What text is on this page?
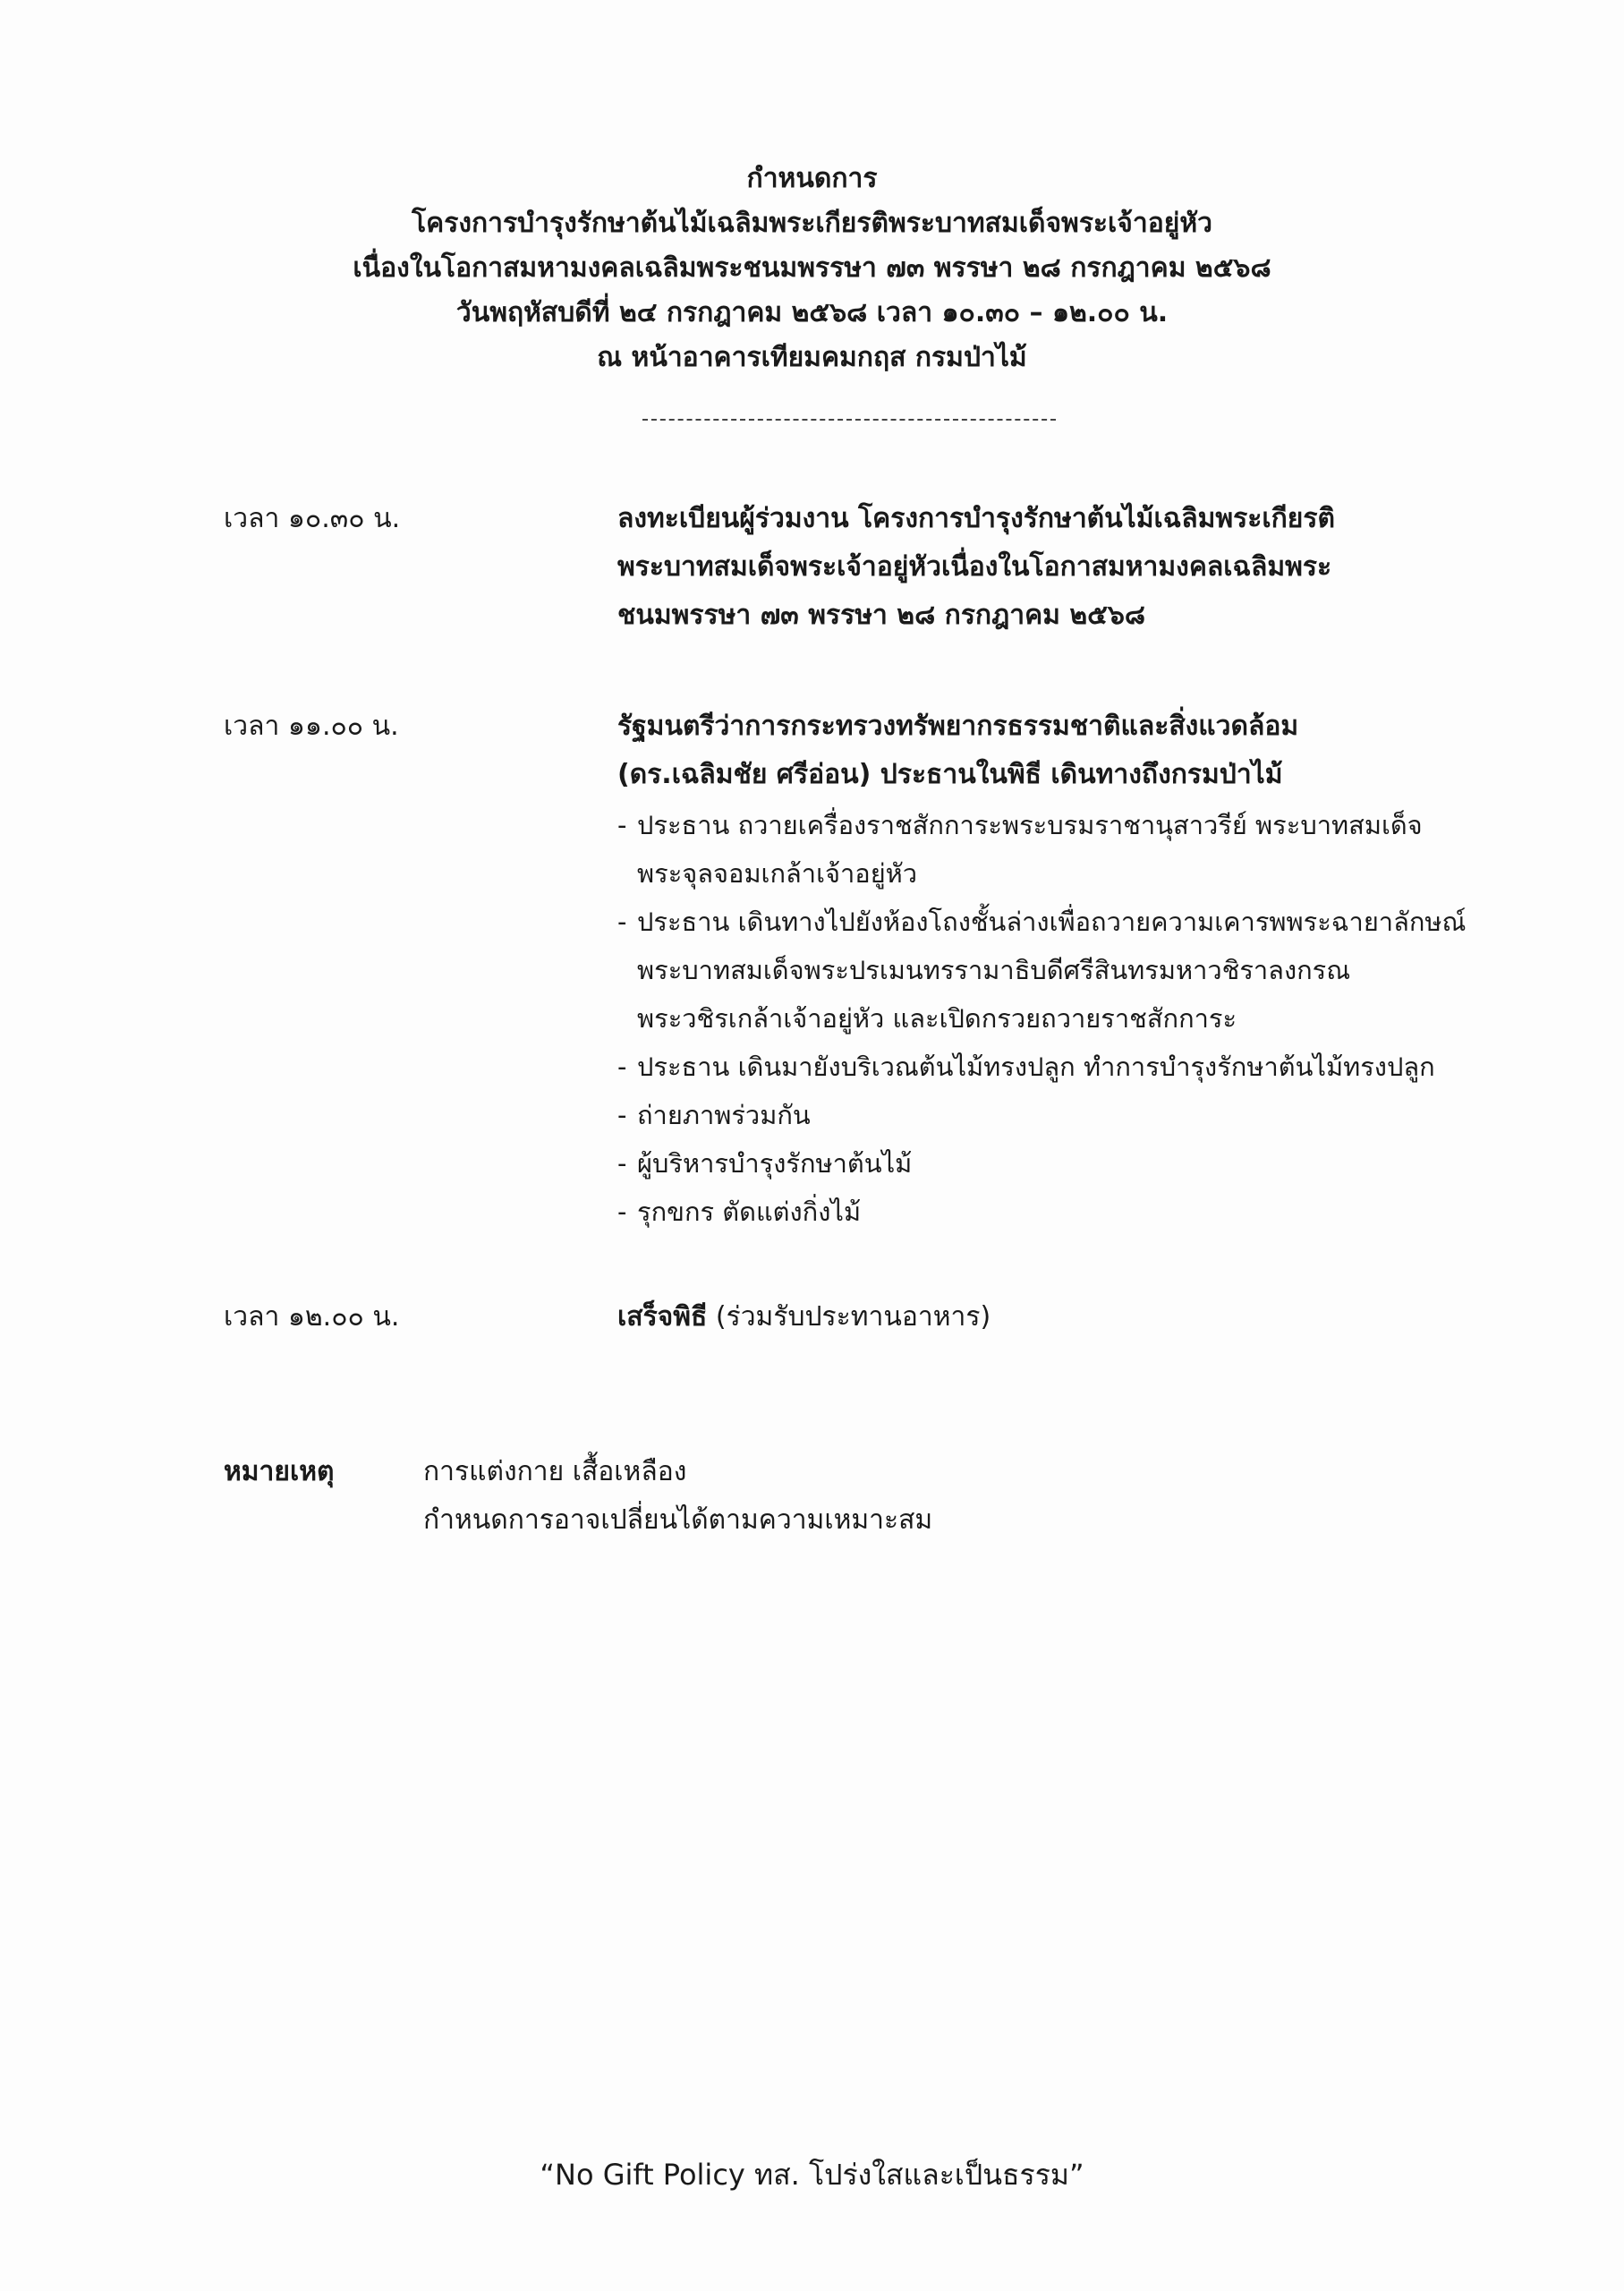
กำหนดการ
โครงการบำรุงรักษาต้นไม้เฉลิมพระเกียรติพระบาทสมเด็จพระเจ้าอยู่หัว
เนื่องในโอกาสมหามงคลเฉลิมพระชนมพรรษา ๗๓ พรรษา ๒๘ กรกฎาคม ๒๕๖๘
วันพฤหัสบดีที่ ๒๔ กรกฎาคม ๒๕๖๘ เวลา ๑๐.๓๐ – ๑๒.๐๐ น.
ณ หน้าอาคารเทียมคมกฤส กรมป่าไม้
เวลา ๑๐.๓๐ น.	ลงทะเบียนผู้ร่วมงาน โครงการบำรุงรักษาต้นไม้เฉลิมพระเกียรติ
พระบาทสมเด็จพระเจ้าอยู่หัวเนื่องในโอกาสมหามงคลเฉลิมพระ
ชนมพรรษา ๗๓ พรรษา ๒๘ กรกฎาคม ๒๕๖๘
เวลา ๑๑.๐๐ น.	รัฐมนตรีว่าการกระทรวงทรัพยากรธรรมชาติและสิ่งแวดล้อม
(ดร.เฉลิมชัย ศรีอ่อน) ประธานในพิธี เดินทางถึงกรมป่าไม้
- ประธาน ถวายเครื่องราชสักการะพระบรมราชานุสาวรีย์ พระบาทสมเด็จ
พระจุลจอมเกล้าเจ้าอยู่หัว
- ประธาน เดินทางไปยังห้องโถงชั้นล่างเพื่อถวายความเคารพพระฉายาลักษณ์
พระบาทสมเด็จพระปรเมนทรรามาธิบดีศรีสินทรมหาวชิราลงกรณ
พระวชิรเกล้าเจ้าอยู่หัว และเปิดกรวยถวายราชสักการะ
- ประธาน เดินมายังบริเวณต้นไม้ทรงปลูก ทำการบำรุงรักษาต้นไม้ทรงปลูก
- ถ่ายภาพร่วมกัน
- ผู้บริหารบำรุงรักษาต้นไม้
- รุกขกร ตัดแต่งกิ่งไม้
เวลา ๑๒.๐๐ น.	เสร็จพิธี (ร่วมรับประทานอาหาร)
หมายเหตุ	การแต่งกาย เสื้อเหลือง
กำหนดการอาจเปลี่ยนได้ตามความเหมาะสม
“No Gift Policy ทส. โปร่งใสและเป็นธรรม”
